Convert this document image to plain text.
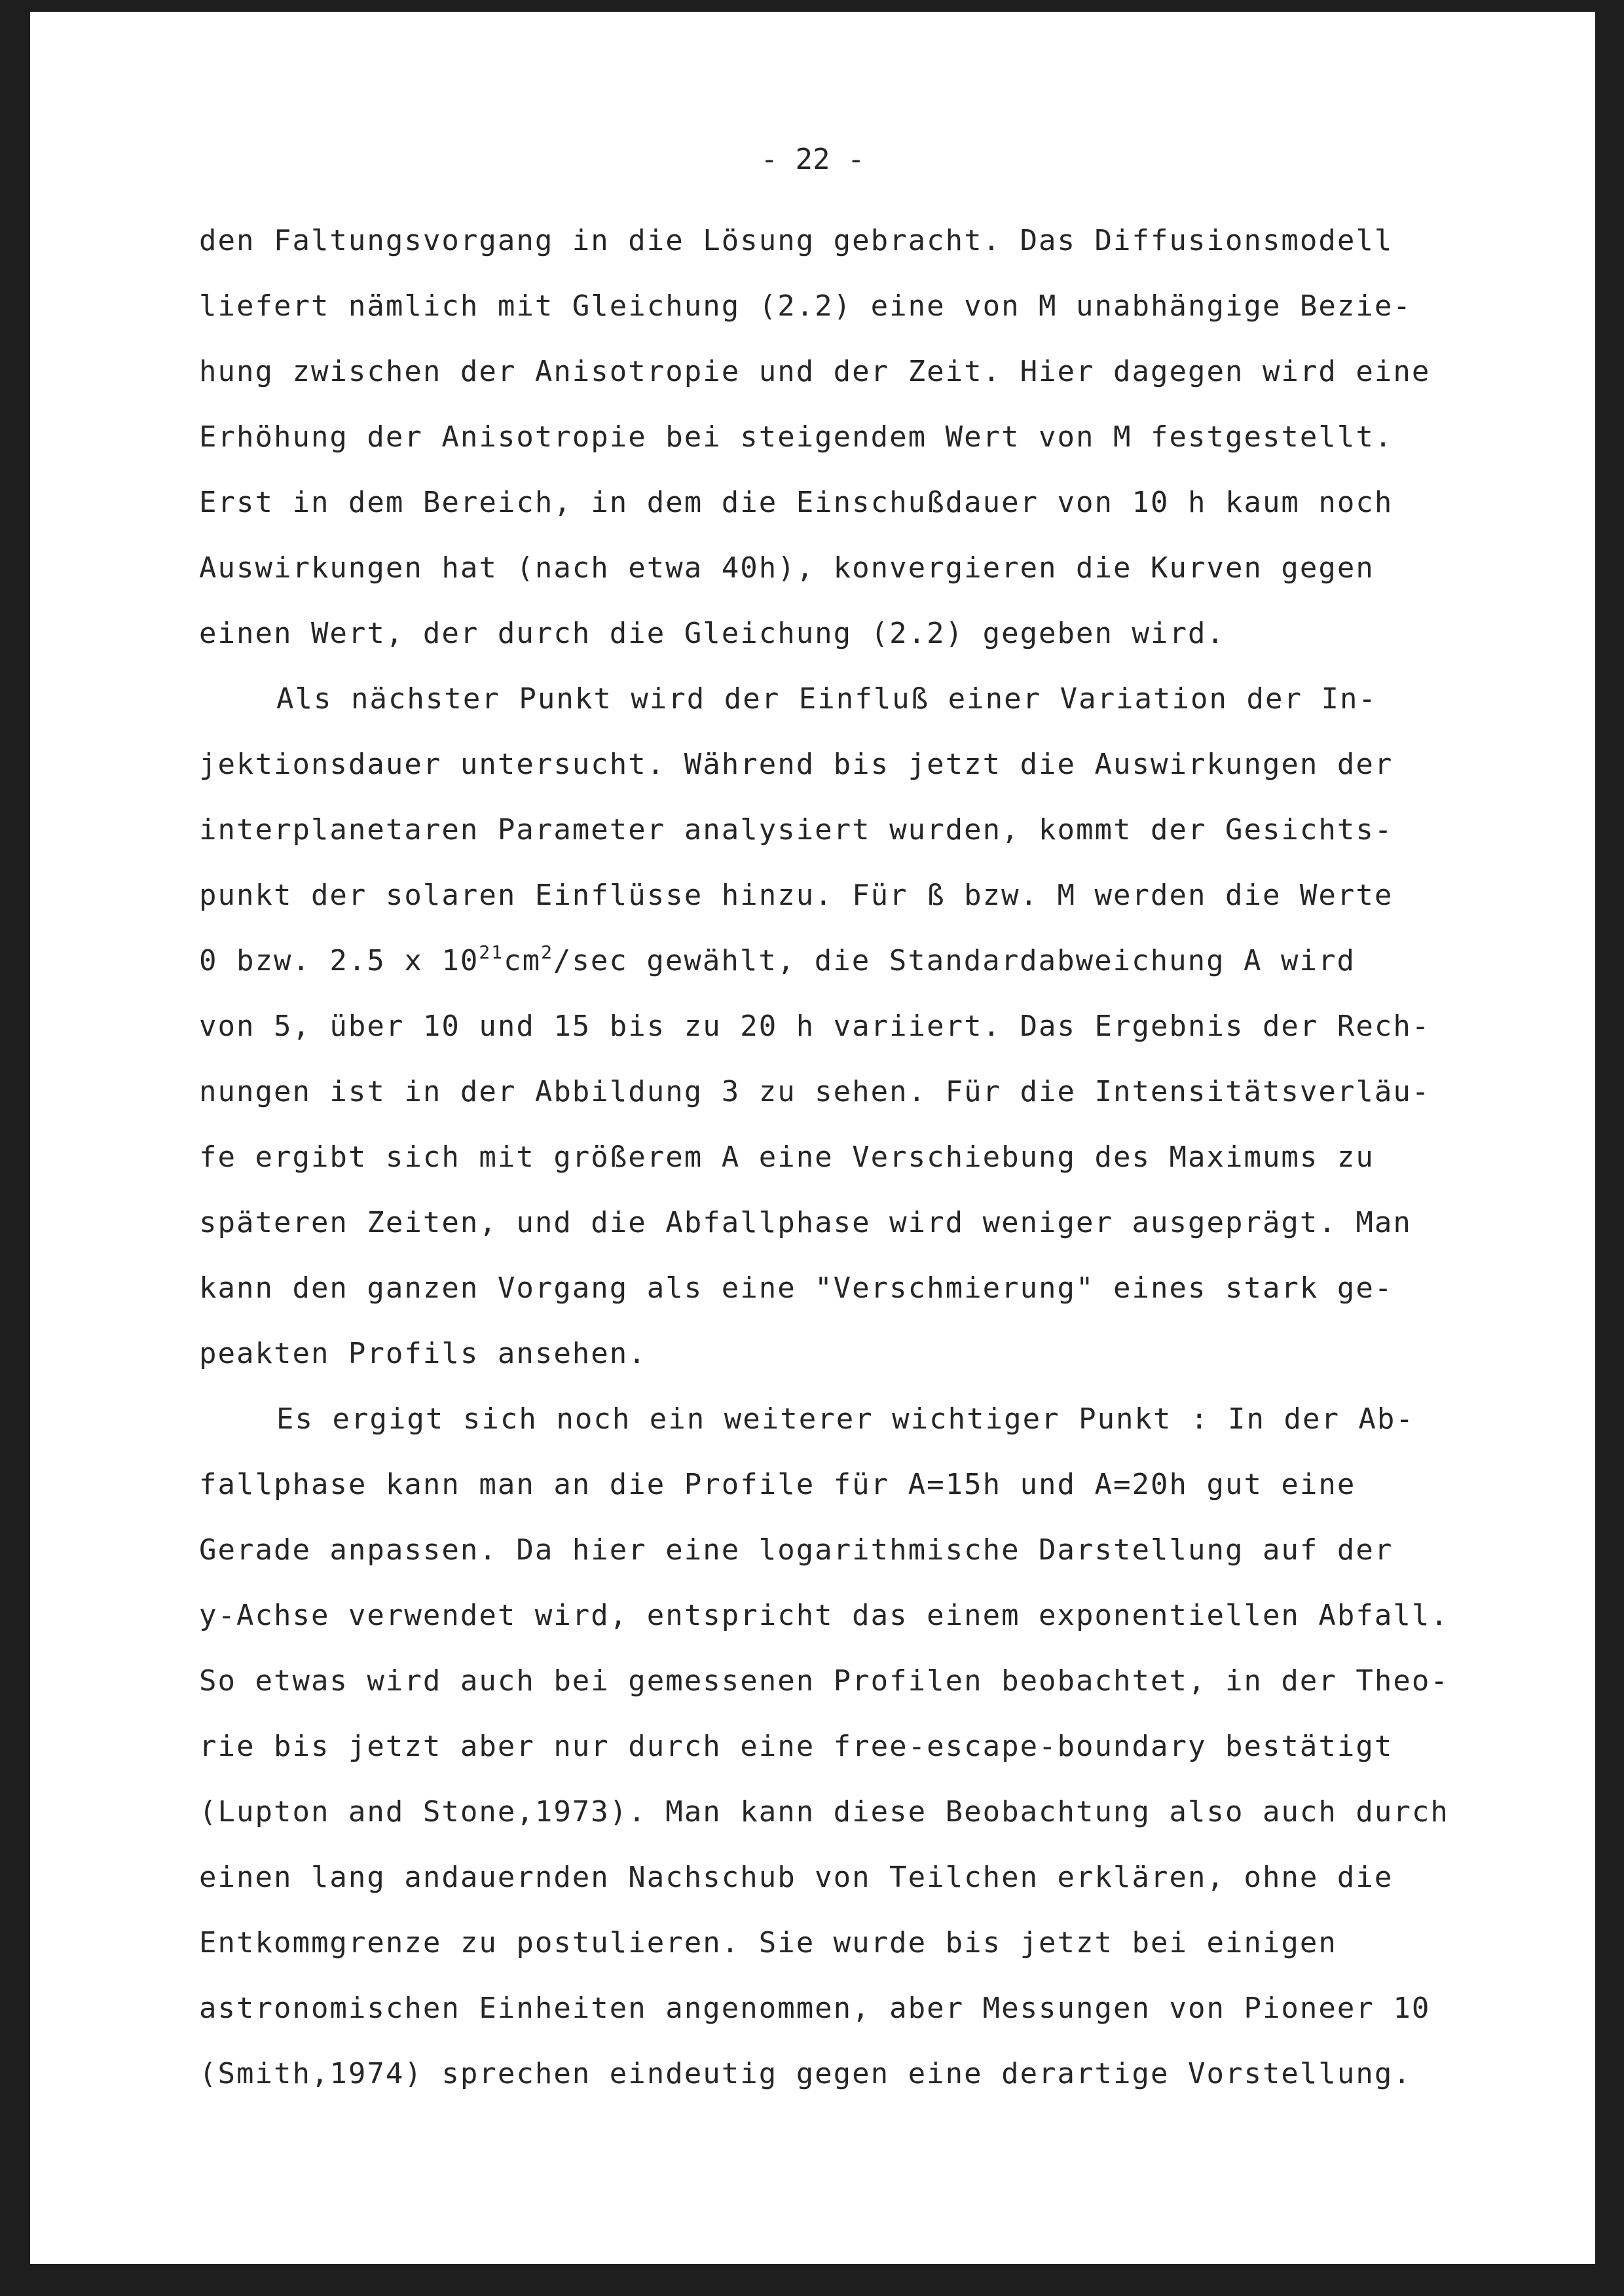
- 22 -
den Faltungsvorgang in die Lösung gebracht. Das Diffusionsmodell
liefert nämlich mit Gleichung (2.2) eine von M unabhängige Bezie-
hung zwischen der Anisotropie und der Zeit. Hier dagegen wird eine
Erhöhung der Anisotropie bei steigendem Wert von M festgestellt.
Erst in dem Bereich, in dem die Einschußdauer von 10 h kaum noch
Auswirkungen hat (nach etwa 40h), konvergieren die Kurven gegen
einen Wert, der durch die Gleichung (2.2) gegeben wird.
Als nächster Punkt wird der Einfluß einer Variation der In-
jektionsdauer untersucht. Während bis jetzt die Auswirkungen der
interplanetaren Parameter analysiert wurden, kommt der Gesichts-
punkt der solaren Einflüsse hinzu. Für ß bzw. M werden die Werte
0 bzw. 2.5 x $10^{21}cm^2/\sec$ gewählt, die Standardabweichung A wird
von 5, über 10 und 15 bis zu 20 h variiert. Das Ergebnis der Rech-
nungen ist in der Abbildung 3 zu sehen. Für die Intensitätsverläu-
fe ergibt sich mit größerem A eine Verschiebung des Maximums zu
späteren Zeiten, und die Abfallphase wird weniger ausgeprägt. Man
kann den ganzen Vorgang als eine "Verschmierung" eines stark ge-
peakten Profils ansehen.
Es ergigt sich noch ein weiterer wichtiger Punkt : In der Ab-
fallphase kann man an die Profile für A=15h und A=20h gut eine
Gerade anpassen. Da hier eine logarithmische Darstellung auf der
y-Achse verwendet wird, entspricht das einem exponentiellen Abfall.
So etwas wird auch bei gemessenen Profilen beobachtet, in der Theo-
rie bis jetzt aber nur durch eine free-escape-boundary bestätigt
(Lupton and Stone,1973). Man kann diese Beobachtung also auch durch
einen lang andauernden Nachschub von Teilchen erklären, ohne die
Entkommgrenze zu postulieren. Sie wurde bis jetzt bei einigen
astronomischen Einheiten angenommen, aber Messungen von Pioneer 10
(Smith,1974) sprechen eindeutig gegen eine derartige Vorstellung.
